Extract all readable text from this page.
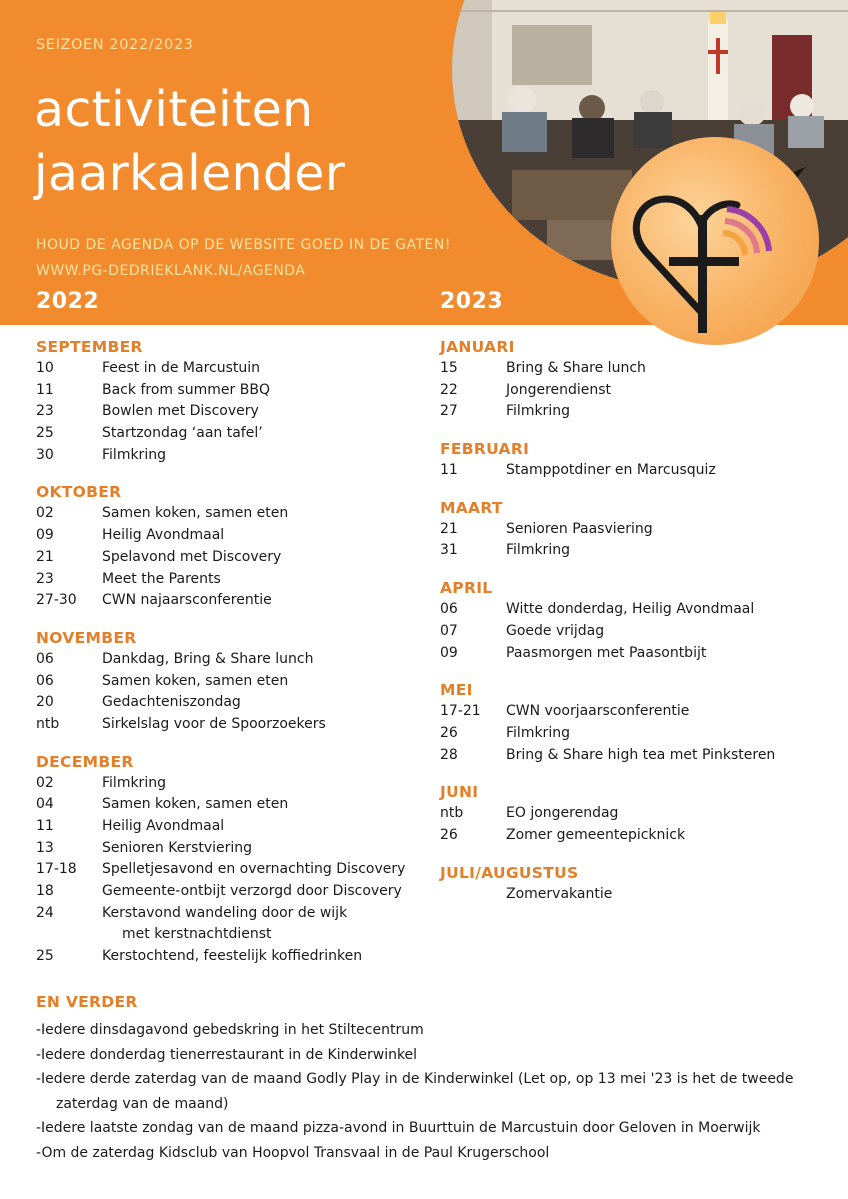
SEIZOEN 2022/2023
activiteiten
jaarkalender
HOUD DE AGENDA OP DE WEBSITE GOED IN DE GATEN!
WWW.PG-DEDRIEKLANK.NL/AGENDA
2022	2023
SEPTEMBER
10	Feest in de Marcustuin
11	Back from summer BBQ
23	Bowlen met Discovery
25	Startzondag ‘aan tafel’
30	Filmkring
OKTOBER
02	Samen koken, samen eten
09	Heilig Avondmaal
21	Spelavond met Discovery
23	Meet the Parents
27-30	CWN najaarsconferentie
NOVEMBER
06	Dankdag, Bring & Share lunch
06	Samen koken, samen eten
20	Gedachteniszondag
ntb	Sirkelslag voor de Spoorzoekers
DECEMBER
02	Filmkring
04	Samen koken, samen eten
11	Heilig Avondmaal
13	Senioren Kerstviering
17-18	Spelletjesavond en overnachting Discovery
18	Gemeente-ontbijt verzorgd door Discovery
24	Kerstavond wandeling door de wijk
met kerstnachtdienst
25	Kerstochtend, feestelijk koffiedrinken
JANUARI
15	Bring & Share lunch
22	Jongerendienst
27	Filmkring
FEBRUARI
11	Stamppotdiner en Marcusquiz
MAART
21	Senioren Paasviering
31	Filmkring
APRIL
06	Witte donderdag, Heilig Avondmaal
07	Goede vrijdag
09	Paasmorgen met Paasontbijt
MEI
17-21	CWN voorjaarsconferentie
26	Filmkring
28	Bring & Share high tea met Pinksteren
JUNI
ntb	EO jongerendag
26	Zomer gemeentepicknick
JULI/AUGUSTUS
Zomervakantie
EN VERDER
-Iedere dinsdagavond gebedskring in het Stiltecentrum
-Iedere donderdag tienerrestaurant in de Kinderwinkel
-Iedere derde zaterdag van de maand Godly Play in de Kinderwinkel (Let op, op 13 mei '23 is het de tweede
zaterdag van de maand)
-Iedere laatste zondag van de maand pizza-avond in Buurttuin de Marcustuin door Geloven in Moerwijk
-Om de zaterdag Kidsclub van Hoopvol Transvaal in de Paul Krugerschool
